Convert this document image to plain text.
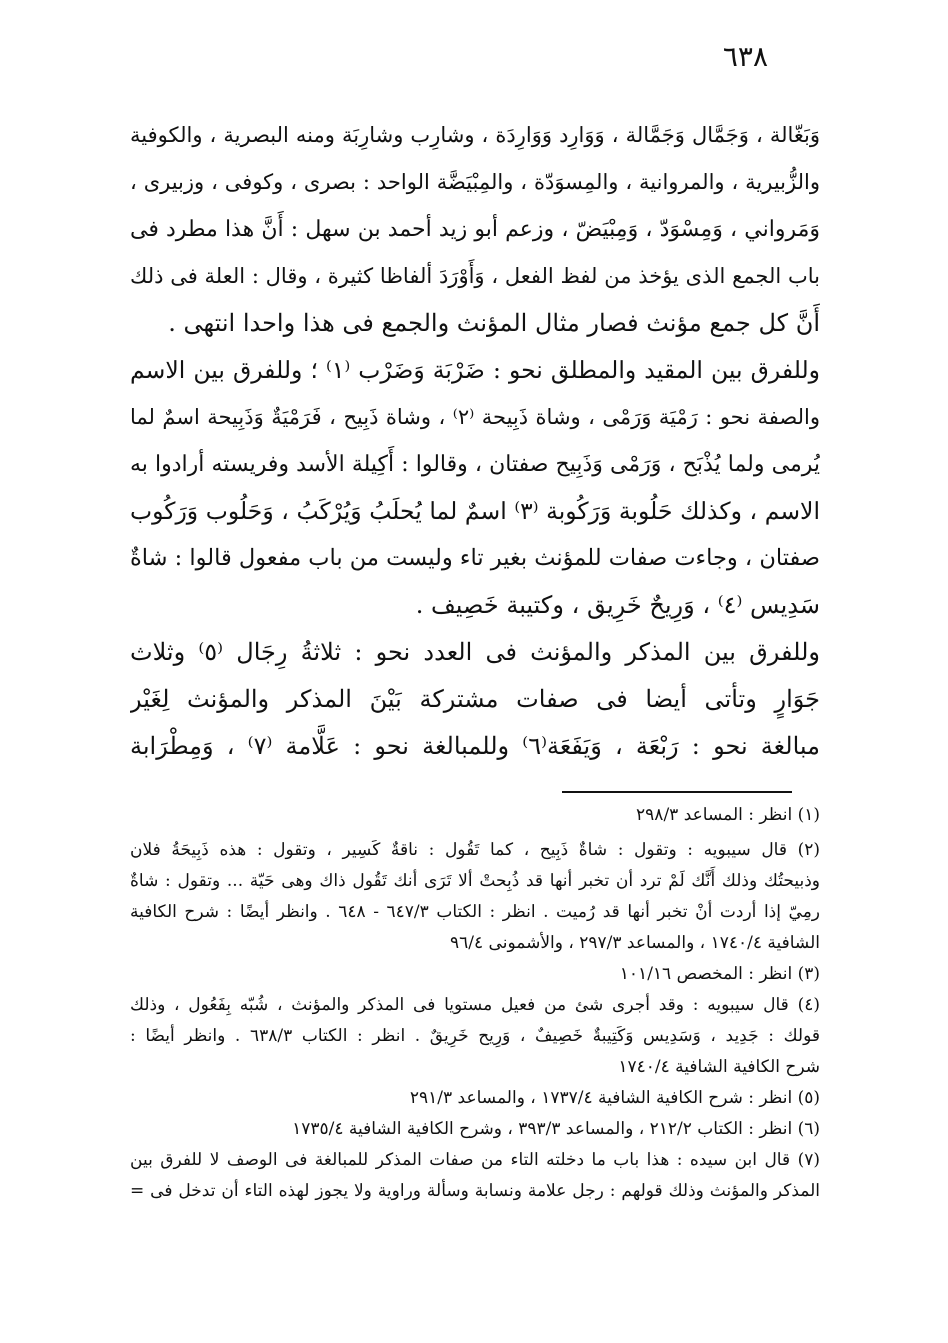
٦٣٨
وَبَغّالة ، وَجَمَّال وَجَمَّالة ، وَوَارِد وَوَارِدَة ، وشارِب وشارِبَة ومنه البصرية ، والكوفية
والزُّبيرية ، والمروانية ، والمِسوَدّة ، والمِبْيَضَّة الواحد : بصرى ، وكوفى ، وزبيرى ،
وَمَرواني ، وَمِسْوَدّ ، وَمِبْيَضّ ، وزعم أبو زيد أحمد بن سهل : أَنَّ هذا مطرد فى
باب الجمع الذى يؤخذ من لفظ الفعل ، وَأَوْرَدَ ألفاظا كثيرة ، وقال : العلة فى ذلك
أَنَّ كل جمع مؤنث فصار مثال المؤنث والجمع فى هذا واحدا انتهى .
وللفرق بين المقيد والمطلق نحو : ضَرْبَة وَضَرْب ⁽١⁾ ؛ وللفرق بين الاسم
والصفة نحو : رَمْيَة وَرَمْى ، وشاة ذَبِيحة ⁽٢⁾ ، وشاة ذَبِيح ، فَرَمْيَةٌ وَذَبِيحة اسمٌ لما
يُرمى ولما يُذْبَح ، وَرَمْى وَذَبِيح صفتان ، وقالوا : أَكِيلة الأسد وفريسته أرادوا به
الاسم ، وكذلك حَلُوبة وَرَكُوبة ⁽٣⁾ اسمٌ لما يُحلَبُ وَيُرْكَبُ ، وَحَلُوب وَرَكُوب
صفتان ، وجاءت صفات للمؤنث بغير تاء وليست من باب مفعول قالوا : شاةٌ
سَدِيس ⁽٤⁾ ، وَرِيحٌ خَرِيق ، وكتيبة خَصِيف .
وللفرق بين المذكر والمؤنث فى العدد نحو : ثلاثةُ رِجَال ⁽٥⁾ وثلاث
جَوَارٍ وتأتى أيضا فى صفات مشتركة بَيْنَ المذكر والمؤنث لِغَيْر
مبالغة نحو : رَبْعَة ، وَيَفَعَة⁽٦⁾ وللمبالغة نحو : عَلَّامة ⁽٧⁾ ، وَمِطْرَابة
(١) انظر : المساعد ٢٩٨/٣
(٢) قال سيبويه : وتقول : شاةٌ ذَبِيح ، كما تَقُول : ناقةٌ كَسِير ، وتقول : هذه ذَبِيحَةُ فلان
وذبيحتُك وذلك أَنَّك لَمْ ترد أن تخبر أنها قد ذُبِحتْ ألا تَرَى أنك تَقُول ذاك وهى حَيّة ... وتقول : شاةٌ
رمِيّ إذا أردت أنْ تخبر أنها قد رُميت . انظر : الكتاب ٦٤٧/٣ - ٦٤٨ . وانظر أيضًا : شرح الكافية
الشافية ١٧٤٠/٤ ، والمساعد ٢٩٧/٣ ، والأشمونى ٩٦/٤
(٣) انظر : المخصص ١٠١/١٦
(٤) قال سيبويه : وقد أجرى شئ من فعيل مستويا فى المذكر والمؤنث ، شُبّه بِفَعُول ، وذلك
قولك : جَدِيد ، وَسَدِيس وَكَتِيبةٌ خَصِيفٌ ، وَرِيح خَرِيقٌ . انظر : الكتاب ٦٣٨/٣ . وانظر أيضًا :
شرح الكافية الشافية ١٧٤٠/٤
(٥) انظر : شرح الكافية الشافية ١٧٣٧/٤ ، والمساعد ٢٩١/٣
(٦) انظر : الكتاب ٢١٢/٢ ، والمساعد ٣٩٣/٣ ، وشرح الكافية الشافية ١٧٣٥/٤
(٧) قال ابن سيده : هذا باب ما دخلته التاء من صفات المذكر للمبالغة فى الوصف لا للفرق بين
المذكر والمؤنث وذلك قولهم : رجل علامة ونسابة وسألة وراوية ولا يجوز لهذه التاء أن تدخل فى =
